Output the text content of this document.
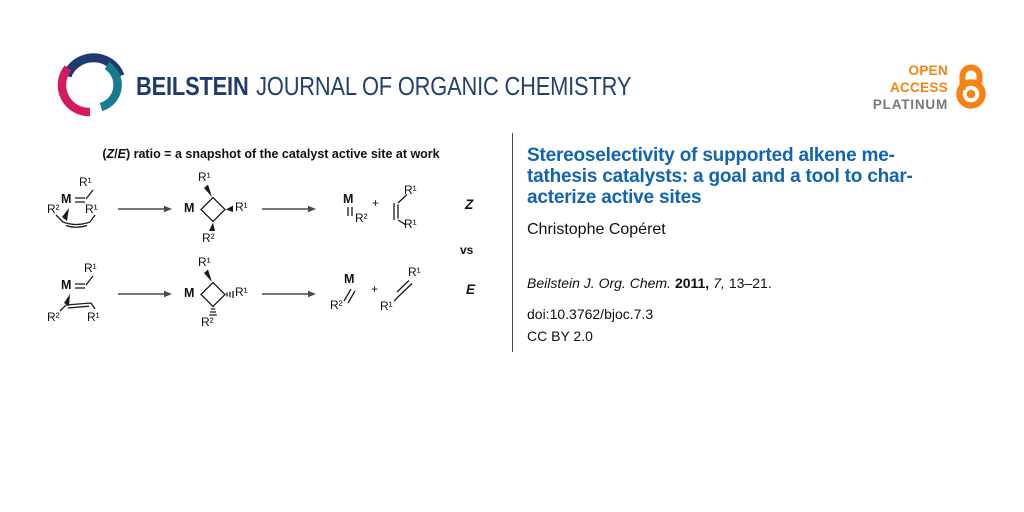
BEILSTEIN JOURNAL OF ORGANIC CHEMISTRY
OPEN
ACCESS
PLATINUM
(Z/E) ratio = a snapshot of the catalyst active site at work
M
R¹
R² R¹	M
R¹
R¹
R²
M
R²
+
R¹
R¹
Z
vs
M
R¹
R² R¹
M
R¹
R¹
R²
M
R²
+
R¹
R¹
E
Stereoselectivity of supported alkene me-
tathesis catalysts: a goal and a tool to char-
acterize active sites
Christophe Copéret
Beilstein J. Org. Chem. 2011, 7, 13–21.
doi:10.3762/bjoc.7.3
CC BY 2.0
